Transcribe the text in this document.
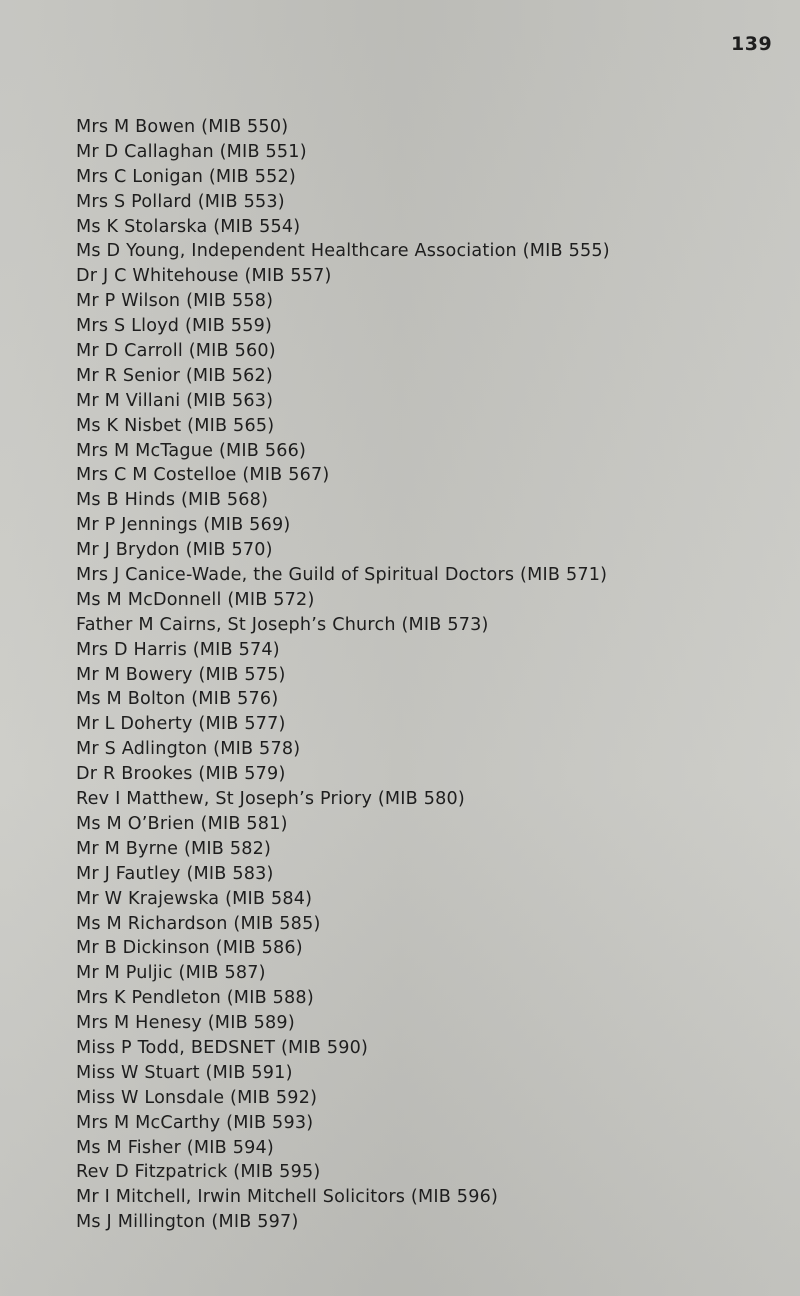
139
Mrs M Bowen (MIB 550)
Mr D Callaghan (MIB 551)
Mrs C Lonigan (MIB 552)
Mrs S Pollard (MIB 553)
Ms K Stolarska (MIB 554)
Ms D Young, Independent Healthcare Association (MIB 555)
Dr J C Whitehouse (MIB 557)
Mr P Wilson (MIB 558)
Mrs S Lloyd (MIB 559)
Mr D Carroll (MIB 560)
Mr R Senior (MIB 562)
Mr M Villani (MIB 563)
Ms K Nisbet (MIB 565)
Mrs M McTague (MIB 566)
Mrs C M Costelloe (MIB 567)
Ms B Hinds (MIB 568)
Mr P Jennings (MIB 569)
Mr J Brydon (MIB 570)
Mrs J Canice-Wade, the Guild of Spiritual Doctors (MIB 571)
Ms M McDonnell (MIB 572)
Father M Cairns, St Joseph’s Church (MIB 573)
Mrs D Harris (MIB 574)
Mr M Bowery (MIB 575)
Ms M Bolton (MIB 576)
Mr L Doherty (MIB 577)
Mr S Adlington (MIB 578)
Dr R Brookes (MIB 579)
Rev I Matthew, St Joseph’s Priory (MIB 580)
Ms M O’Brien (MIB 581)
Mr M Byrne (MIB 582)
Mr J Fautley (MIB 583)
Mr W Krajewska (MIB 584)
Ms M Richardson (MIB 585)
Mr B Dickinson (MIB 586)
Mr M Puljic (MIB 587)
Mrs K Pendleton (MIB 588)
Mrs M Henesy (MIB 589)
Miss P Todd, BEDSNET (MIB 590)
Miss W Stuart (MIB 591)
Miss W Lonsdale (MIB 592)
Mrs M McCarthy (MIB 593)
Ms M Fisher (MIB 594)
Rev D Fitzpatrick (MIB 595)
Mr I Mitchell, Irwin Mitchell Solicitors (MIB 596)
Ms J Millington (MIB 597)
